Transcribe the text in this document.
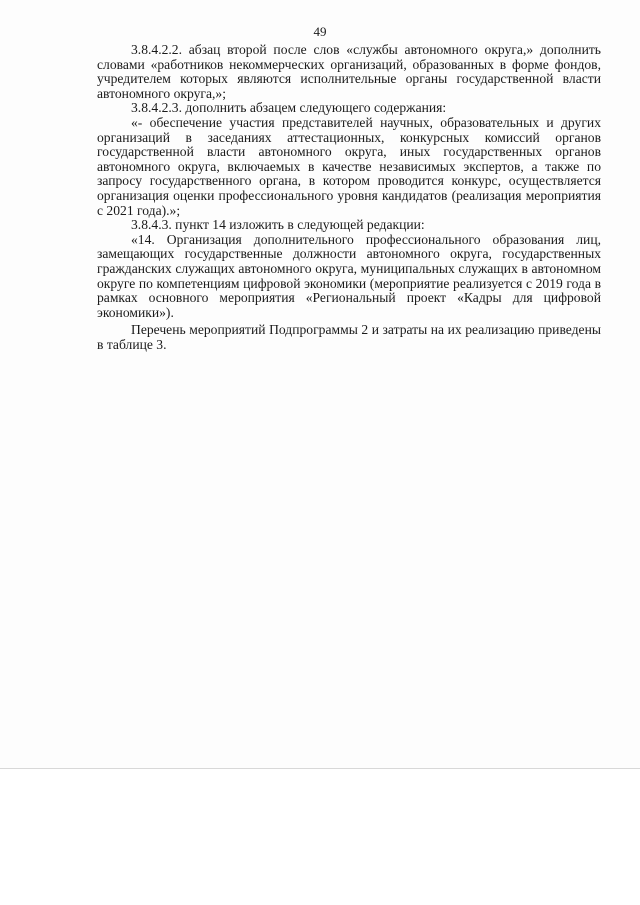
49

3.8.4.2.2. абзац второй после слов «службы автономного округа,» дополнить словами «работников некоммерческих организаций, образованных в форме фондов, учредителем которых являются исполнительные органы государственной власти автономного округа,»;

3.8.4.2.3. дополнить абзацем следующего содержания:

«- обеспечение участия представителей научных, образовательных и других организаций в заседаниях аттестационных, конкурсных комиссий органов государственной власти автономного округа, иных государственных органов автономного округа, включаемых в качестве независимых экспертов, а также по запросу государственного органа, в котором проводится конкурс, осуществляется организация оценки профессионального уровня кандидатов (реализация мероприятия с 2021 года).»;

3.8.4.3. пункт 14 изложить в следующей редакции:

«14. Организация дополнительного профессионального образования лиц, замещающих государственные должности автономного округа, государственных гражданских служащих автономного округа, муниципальных служащих в автономном округе по компетенциям цифровой экономики (мероприятие реализуется с 2019 года в рамках основного мероприятия «Региональный проект «Кадры для цифровой экономики»).

Перечень мероприятий Подпрограммы 2 и затраты на их реализацию приведены в таблице 3.
